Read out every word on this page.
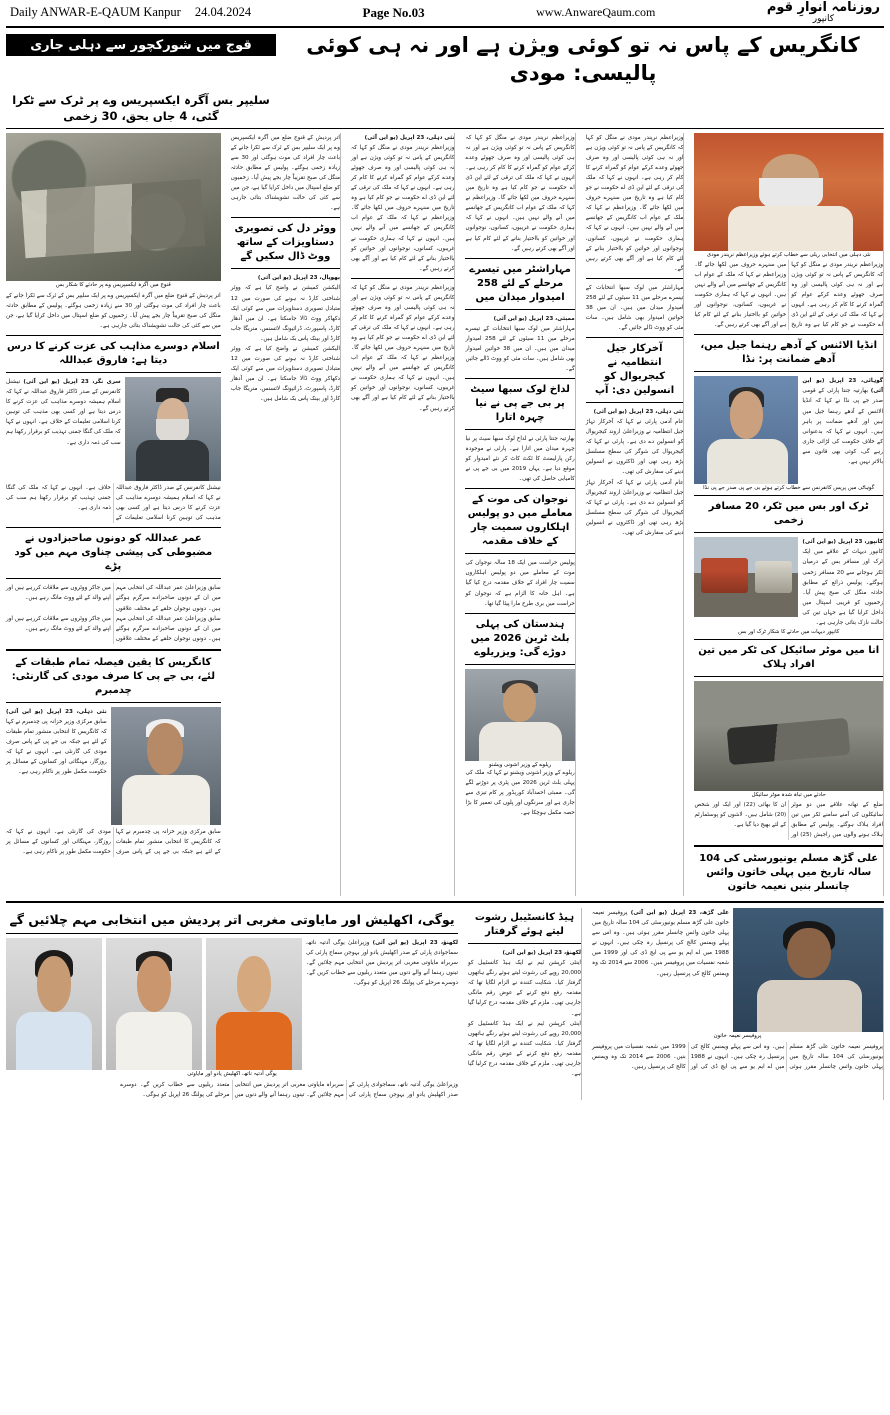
Daily ANWAR-E-QAUM Kanpur 24.04.2024	Page No.03	www.AnwareQaum.com	روزنامہ انوارِ قوم
کانپور
قوج میں شورکچور سے دہلی جاری	کانگریس کے پاس نہ تو کوئی ویژن ہے اور نہ ہی کوئی پالیسی: مودی
سلیپر بس آگرہ ایکسپریس وے پر ٹرک سے ٹکرا گئی، 4 جاں بحق، 30 زخمی
قنوج میں آگرہ ایکسپریس وے پر حادثے کا شکار بس
اتر پردیش کے قنوج ضلع میں آگرہ ایکسپریس وے پر ایک سلیپر بس کے ٹرک سے ٹکرا جانے کے باعث چار افراد کی موت ہوگئی اور 30 سے زیادہ زخمی ہوگئے۔ پولیس کے مطابق حادثہ منگل کی صبح تقریباً چار بجے پیش آیا۔ زخمیوں کو ضلع اسپتال میں داخل کرایا گیا ہے، جن میں سے کئی کی حالت تشویشناک بتائی جارہی ہے۔
اسلام دوسرے مذاہب کی عزت کرنے کا درس دیتا ہے: فاروق عبداللہ
سری نگر، 23 اپریل (یو این آئی) نیشنل کانفرنس کے صدر ڈاکٹر فاروق عبداللہ نے کہا کہ اسلام ہمیشہ دوسرے مذاہب کی عزت کرنے کا درس دیتا ہے اور کسی بھی مذہب کی توہین کرنا اسلامی تعلیمات کے خلاف ہے۔ انہوں نے کہا کہ ملک کی گنگا جمنی تہذیب کو برقرار رکھنا ہم سب کی ذمہ داری ہے۔
نیشنل کانفرنس کے صدر ڈاکٹر فاروق عبداللہ نے کہا کہ اسلام ہمیشہ دوسرے مذاہب کی عزت کرنے کا درس دیتا ہے اور کسی بھی مذہب کی توہین کرنا اسلامی تعلیمات کے خلاف ہے۔ انہوں نے کہا کہ ملک کی گنگا جمنی تہذیب کو برقرار رکھنا ہم سب کی ذمہ داری ہے۔
عمر عبداللہ کو دونوں صاحبزادوں نے مضبوطی کی پیشی چناوی مہم میں کود پڑے
سابق وزیراعلیٰ عمر عبداللہ کی انتخابی مہم میں ان کے دونوں صاحبزادے سرگرم ہوگئے ہیں۔ دونوں نوجوان حلقے کے مختلف علاقوں میں جاکر ووٹروں سے ملاقات کررہے ہیں اور اپنے والد کے لئے ووٹ مانگ رہے ہیں۔
سابق وزیراعلیٰ عمر عبداللہ کی انتخابی مہم میں ان کے دونوں صاحبزادے سرگرم ہوگئے ہیں۔ دونوں نوجوان حلقے کے مختلف علاقوں میں جاکر ووٹروں سے ملاقات کررہے ہیں اور اپنے والد کے لئے ووٹ مانگ رہے ہیں۔
کانگریس کا یقین فیصلہ تمام طبقات کے لئے، بی جے پی کا صرف مودی کی گارنٹی: چدمبرم
نئی دہلی، 23 اپریل (یو این آئی) سابق مرکزی وزیر خزانہ پی چدمبرم نے کہا کہ کانگریس کا انتخابی منشور تمام طبقات کے لئے ہے جبکہ بی جے پی کے پاس صرف مودی کی گارنٹی ہے۔ انہوں نے کہا کہ روزگار، مہنگائی اور کسانوں کے مسائل پر حکومت مکمل طور پر ناکام رہی ہے۔
سابق مرکزی وزیر خزانہ پی چدمبرم نے کہا کہ کانگریس کا انتخابی منشور تمام طبقات کے لئے ہے جبکہ بی جے پی کے پاس صرف مودی کی گارنٹی ہے۔ انہوں نے کہا کہ روزگار، مہنگائی اور کسانوں کے مسائل پر حکومت مکمل طور پر ناکام رہی ہے۔
اتر پردیش کے قنوج ضلع میں آگرہ ایکسپریس وے پر ایک سلیپر بس کے ٹرک سے ٹکرا جانے کے باعث چار افراد کی موت ہوگئی اور 30 سے زیادہ زخمی ہوگئے۔ پولیس کے مطابق حادثہ منگل کی صبح تقریباً چار بجے پیش آیا۔ زخمیوں کو ضلع اسپتال میں داخل کرایا گیا ہے، جن میں سے کئی کی حالت تشویشناک بتائی جارہی ہے۔
ووٹر دل کی تصویری دستاویزات کے ساتھ ووٹ ڈال سکیں گے
بھوپال، 23 اپریل (یو این آئی)
الیکشن کمیشن نے واضح کیا ہے کہ ووٹر شناختی کارڈ نہ ہونے کی صورت میں 12 متبادل تصویری دستاویزات میں سے کوئی ایک دکھاکر ووٹ ڈالا جاسکتا ہے۔ ان میں آدھار کارڈ، پاسپورٹ، ڈرائیونگ لائسنس، منریگا جاب کارڈ اور بینک پاس بک شامل ہیں۔
الیکشن کمیشن نے واضح کیا ہے کہ ووٹر شناختی کارڈ نہ ہونے کی صورت میں 12 متبادل تصویری دستاویزات میں سے کوئی ایک دکھاکر ووٹ ڈالا جاسکتا ہے۔ ان میں آدھار کارڈ، پاسپورٹ، ڈرائیونگ لائسنس، منریگا جاب کارڈ اور بینک پاس بک شامل ہیں۔
نئی دہلی، 23 اپریل (یو این آئی)
وزیراعظم نریندر مودی نے منگل کو کہا کہ کانگریس کے پاس نہ تو کوئی ویژن ہے اور نہ ہی کوئی پالیسی اور وہ صرف جھوٹے وعدے کرکے عوام کو گمراہ کرنے کا کام کر رہی ہے۔ انہوں نے کہا کہ ملک کی ترقی کے لئے این ڈی اے حکومت نے جو کام کیا ہے وہ تاریخ میں سنہرے حروف میں لکھا جائے گا۔ وزیراعظم نے کہا کہ ملک کے عوام اب کانگریس کے جھانسے میں آنے والے نہیں ہیں۔ انہوں نے کہا کہ ہماری حکومت نے غریبوں، کسانوں، نوجوانوں اور خواتین کو بااختیار بنانے کے لئے کام کیا ہے اور آگے بھی کرتے رہیں گے۔
وزیراعظم نریندر مودی نے منگل کو کہا کہ کانگریس کے پاس نہ تو کوئی ویژن ہے اور نہ ہی کوئی پالیسی اور وہ صرف جھوٹے وعدے کرکے عوام کو گمراہ کرنے کا کام کر رہی ہے۔ انہوں نے کہا کہ ملک کی ترقی کے لئے این ڈی اے حکومت نے جو کام کیا ہے وہ تاریخ میں سنہرے حروف میں لکھا جائے گا۔ وزیراعظم نے کہا کہ ملک کے عوام اب کانگریس کے جھانسے میں آنے والے نہیں ہیں۔ انہوں نے کہا کہ ہماری حکومت نے غریبوں، کسانوں، نوجوانوں اور خواتین کو بااختیار بنانے کے لئے کام کیا ہے اور آگے بھی کرتے رہیں گے۔
وزیراعظم نریندر مودی نے منگل کو کہا کہ کانگریس کے پاس نہ تو کوئی ویژن ہے اور نہ ہی کوئی پالیسی اور وہ صرف جھوٹے وعدے کرکے عوام کو گمراہ کرنے کا کام کر رہی ہے۔ انہوں نے کہا کہ ملک کی ترقی کے لئے این ڈی اے حکومت نے جو کام کیا ہے وہ تاریخ میں سنہرے حروف میں لکھا جائے گا۔ وزیراعظم نے کہا کہ ملک کے عوام اب کانگریس کے جھانسے میں آنے والے نہیں ہیں۔ انہوں نے کہا کہ ہماری حکومت نے غریبوں، کسانوں، نوجوانوں اور خواتین کو بااختیار بنانے کے لئے کام کیا ہے اور آگے بھی کرتے رہیں گے۔
مہاراشٹر میں تیسرے مرحلے کے لئے 258 امیدوار میدان میں
ممبئی، 23 اپریل (یو این آئی)
مہاراشٹر میں لوک سبھا انتخابات کے تیسرے مرحلے میں 11 سیٹوں کے لئے 258 امیدوار میدان میں ہیں۔ ان میں 38 خواتین امیدوار بھی شامل ہیں۔ سات مئی کو ووٹ ڈالے جائیں گے۔
لداخ لوک سبھا سیٹ پر بی جے پی نے نیا چہرہ اتارا
بھارتیہ جنتا پارٹی نے لداخ لوک سبھا سیٹ پر نیا چہرہ میدان میں اتارا ہے۔ پارٹی نے موجودہ رکن پارلیمنٹ کا ٹکٹ کاٹ کر نئے امیدوار کو موقع دیا ہے۔ یہاں 2019 میں بی جے پی نے کامیابی حاصل کی تھی۔
نوجوان کی موت کے معاملے میں دو پولیس اہلکاروں سمیت چار کے خلاف مقدمہ
پولیس حراست میں ایک 18 سالہ نوجوان کی موت کے معاملے میں دو پولیس اہلکاروں سمیت چار افراد کے خلاف مقدمہ درج کیا گیا ہے۔ اہل خانہ کا الزام ہے کہ نوجوان کو حراست میں بری طرح مارا پیٹا گیا تھا۔
ہندستان کی پہلی بلٹ ٹرین 2026 میں دوڑے گی: ویزریلوے
ریلوے کے وزیر اشونی ویشنو
ریلوے کے وزیر اشونی ویشنو نے کہا کہ ملک کی پہلی بلٹ ٹرین 2026 میں پٹری پر دوڑنے لگے گی۔ ممبئی احمدآباد کوریڈور پر کام تیزی سے جاری ہے اور سرنگوں اور پلوں کی تعمیر کا بڑا حصہ مکمل ہوچکا ہے۔
وزیراعظم نریندر مودی نے منگل کو کہا کہ کانگریس کے پاس نہ تو کوئی ویژن ہے اور نہ ہی کوئی پالیسی اور وہ صرف جھوٹے وعدے کرکے عوام کو گمراہ کرنے کا کام کر رہی ہے۔ انہوں نے کہا کہ ملک کی ترقی کے لئے این ڈی اے حکومت نے جو کام کیا ہے وہ تاریخ میں سنہرے حروف میں لکھا جائے گا۔ وزیراعظم نے کہا کہ ملک کے عوام اب کانگریس کے جھانسے میں آنے والے نہیں ہیں۔ انہوں نے کہا کہ ہماری حکومت نے غریبوں، کسانوں، نوجوانوں اور خواتین کو بااختیار بنانے کے لئے کام کیا ہے اور آگے بھی کرتے رہیں گے۔
مہاراشٹر میں لوک سبھا انتخابات کے تیسرے مرحلے میں 11 سیٹوں کے لئے 258 امیدوار میدان میں ہیں۔ ان میں 38 خواتین امیدوار بھی شامل ہیں۔ سات مئی کو ووٹ ڈالے جائیں گے۔
آخرکار جیل انتظامیہ نے کیجریوال کو انسولین دی: آپ
نئی دہلی، 23 اپریل (یو این آئی)
عام آدمی پارٹی نے کہا کہ آخرکار تہاڑ جیل انتظامیہ نے وزیراعلیٰ اروند کیجریوال کو انسولین دے دی ہے۔ پارٹی نے کہا کہ کیجریوال کی شوگر کی سطح مسلسل بڑھ رہی تھی اور ڈاکٹروں نے انسولین دینے کی سفارش کی تھی۔
عام آدمی پارٹی نے کہا کہ آخرکار تہاڑ جیل انتظامیہ نے وزیراعلیٰ اروند کیجریوال کو انسولین دے دی ہے۔ پارٹی نے کہا کہ کیجریوال کی شوگر کی سطح مسلسل بڑھ رہی تھی اور ڈاکٹروں نے انسولین دینے کی سفارش کی تھی۔
نئی دہلی میں انتخابی ریلی سے خطاب کرتے ہوئے وزیراعظم نریندر مودی
وزیراعظم نریندر مودی نے منگل کو کہا کہ کانگریس کے پاس نہ تو کوئی ویژن ہے اور نہ ہی کوئی پالیسی اور وہ صرف جھوٹے وعدے کرکے عوام کو گمراہ کرنے کا کام کر رہی ہے۔ انہوں نے کہا کہ ملک کی ترقی کے لئے این ڈی اے حکومت نے جو کام کیا ہے وہ تاریخ میں سنہرے حروف میں لکھا جائے گا۔ وزیراعظم نے کہا کہ ملک کے عوام اب کانگریس کے جھانسے میں آنے والے نہیں ہیں۔ انہوں نے کہا کہ ہماری حکومت نے غریبوں، کسانوں، نوجوانوں اور خواتین کو بااختیار بنانے کے لئے کام کیا ہے اور آگے بھی کرتے رہیں گے۔
انڈیا الائنس کے آدھے رہنما جیل میں، آدھے ضمانت پر: نڈا
گوہاٹی، 23 اپریل (یو این آئی) بھارتیہ جنتا پارٹی کے قومی صدر جے پی نڈا نے کہا کہ انڈیا الائنس کے آدھے رہنما جیل میں ہیں اور آدھے ضمانت پر باہر ہیں۔ انہوں نے کہا کہ بدعنوانی کے خلاف حکومت کی لڑائی جاری رہے گی، کوئی بھی قانون سے بالاتر نہیں ہے۔
گوہاٹی میں پریس کانفرنس سے خطاب کرتے ہوئے بی جے پی صدر جے پی نڈا
ٹرک اور بس میں ٹکر، 20 مسافر زخمی
کانپور، 23 اپریل (یو این آئی) کانپور دیہات کے علاقے میں ایک ٹرک اور مسافر بس کے درمیان ٹکر ہوجانے سے 20 مسافر زخمی ہوگئے۔ پولیس ذرائع کے مطابق حادثہ منگل کی صبح پیش آیا۔ زخمیوں کو قریبی اسپتال میں داخل کرایا گیا ہے جہاں تین کی حالت نازک بتائی جارہی ہے۔
کانپور دیہات میں حادثے کا شکار ٹرک اور بس
انا میں موٹر سائیکل کی ٹکر میں تین افراد ہلاک
حادثے میں تباہ شدہ موٹر سائیکل
ضلع کے تھانہ علاقے میں دو موٹر سائیکلوں کی آمنے سامنے ٹکر میں تین افراد ہلاک ہوگئے۔ پولیس کے مطابق ہلاک ہونے والوں میں راجیش (25) اور ان کا بھائی (22) اور ایک اور شخص (20) شامل ہیں۔ لاشوں کو پوسٹمارٹم کے لئے بھیج دیا گیا ہے۔
علی گڑھ مسلم یونیورسٹی کی 104 سالہ تاریخ میں پہلی خاتون وائس چانسلر بنیں نعیمہ خاتون
یوگی، اکھلیش اور مایاوتی مغربی اتر پردیش میں انتخابی مہم چلائیں گے
لکھنؤ، 23 اپریل (یو این آئی) وزیراعلیٰ یوگی آدتیہ ناتھ، سماجوادی پارٹی کے صدر اکھلیش یادو اور بہوجن سماج پارٹی کی سربراہ مایاوتی مغربی اتر پردیش میں انتخابی مہم چلائیں گے۔ تینوں رہنما آنے والے دنوں میں متعدد ریلیوں سے خطاب کریں گے۔ دوسرے مرحلے کی پولنگ 26 اپریل کو ہوگی۔
یوگی آدتیہ ناتھ، اکھلیش یادو اور مایاوتی
وزیراعلیٰ یوگی آدتیہ ناتھ، سماجوادی پارٹی کے صدر اکھلیش یادو اور بہوجن سماج پارٹی کی سربراہ مایاوتی مغربی اتر پردیش میں انتخابی مہم چلائیں گے۔ تینوں رہنما آنے والے دنوں میں متعدد ریلیوں سے خطاب کریں گے۔ دوسرے مرحلے کی پولنگ 26 اپریل کو ہوگی۔
ہیڈ کانسٹیبل رشوت لیتے ہوئے گرفتار
لکھنؤ، 23 اپریل (یو این آئی)
اینٹی کرپشن ٹیم نے ایک ہیڈ کانسٹیبل کو 20,000 روپے کی رشوت لیتے ہوئے رنگے ہاتھوں گرفتار کیا۔ شکایت کنندہ نے الزام لگایا تھا کہ مقدمہ رفع دفع کرنے کے عوض رقم مانگی جارہی تھی۔ ملزم کے خلاف مقدمہ درج کرلیا گیا ہے۔
اینٹی کرپشن ٹیم نے ایک ہیڈ کانسٹیبل کو 20,000 روپے کی رشوت لیتے ہوئے رنگے ہاتھوں گرفتار کیا۔ شکایت کنندہ نے الزام لگایا تھا کہ مقدمہ رفع دفع کرنے کے عوض رقم مانگی جارہی تھی۔ ملزم کے خلاف مقدمہ درج کرلیا گیا ہے۔
علی گڑھ، 23 اپریل (یو این آئی) پروفیسر نعیمہ خاتون علی گڑھ مسلم یونیورسٹی کی 104 سالہ تاریخ میں پہلی خاتون وائس چانسلر مقرر ہوئی ہیں۔ وہ اس سے پہلے ویمنس کالج کی پرنسپل رہ چکی ہیں۔ انہوں نے 1988 میں اے ایم یو سے پی ایچ ڈی کی اور 1999 میں شعبہ نفسیات میں پروفیسر بنیں۔ 2006 سے 2014 تک وہ ویمنس کالج کی پرنسپل رہیں۔
پروفیسر نعیمہ خاتون
پروفیسر نعیمہ خاتون علی گڑھ مسلم یونیورسٹی کی 104 سالہ تاریخ میں پہلی خاتون وائس چانسلر مقرر ہوئی ہیں۔ وہ اس سے پہلے ویمنس کالج کی پرنسپل رہ چکی ہیں۔ انہوں نے 1988 میں اے ایم یو سے پی ایچ ڈی کی اور 1999 میں شعبہ نفسیات میں پروفیسر بنیں۔ 2006 سے 2014 تک وہ ویمنس کالج کی پرنسپل رہیں۔
